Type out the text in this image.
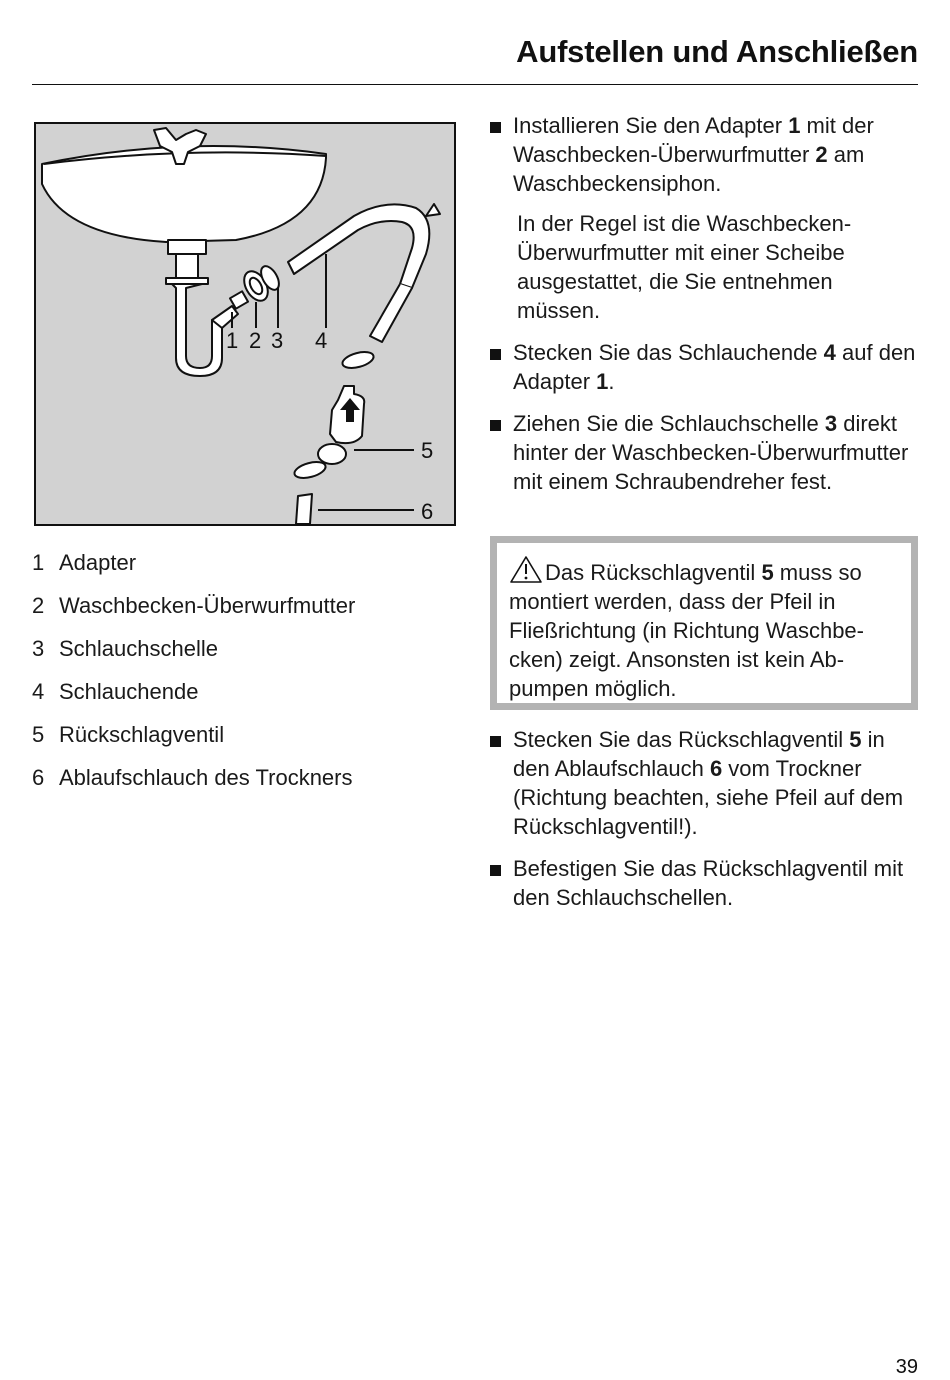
Aufstellen und Anschließen
1 2 3 4
5
6
1 Adapter
2 Waschbecken-Überwurfmutter
3 Schlauchschelle
4 Schlauchende
5 Rückschlagventil
6 Ablaufschlauch des Trockners
Installieren Sie den Adapter 1 mit der Waschbecken-Überwurfmutter 2 am Waschbeckensiphon.
In der Regel ist die Waschbecken-Überwurfmutter mit einer Scheibe ausgestattet, die Sie entnehmen müssen.
Stecken Sie das Schlauchende 4 auf den Adapter 1.
Ziehen Sie die Schlauchschelle 3 direkt hinter der Waschbecken-Überwurfmutter mit einem Schraubendreher fest.
Das Rückschlagventil 5 muss so montiert werden, dass der Pfeil in Fließrichtung (in Richtung Waschbecken) zeigt. Ansonsten ist kein Abpumpen möglich.
Stecken Sie das Rückschlagventil 5 in den Ablaufschlauch 6 vom Trockner (Richtung beachten, siehe Pfeil auf dem Rückschlagventil!).
Befestigen Sie das Rückschlagventil mit den Schlauchschellen.
39
